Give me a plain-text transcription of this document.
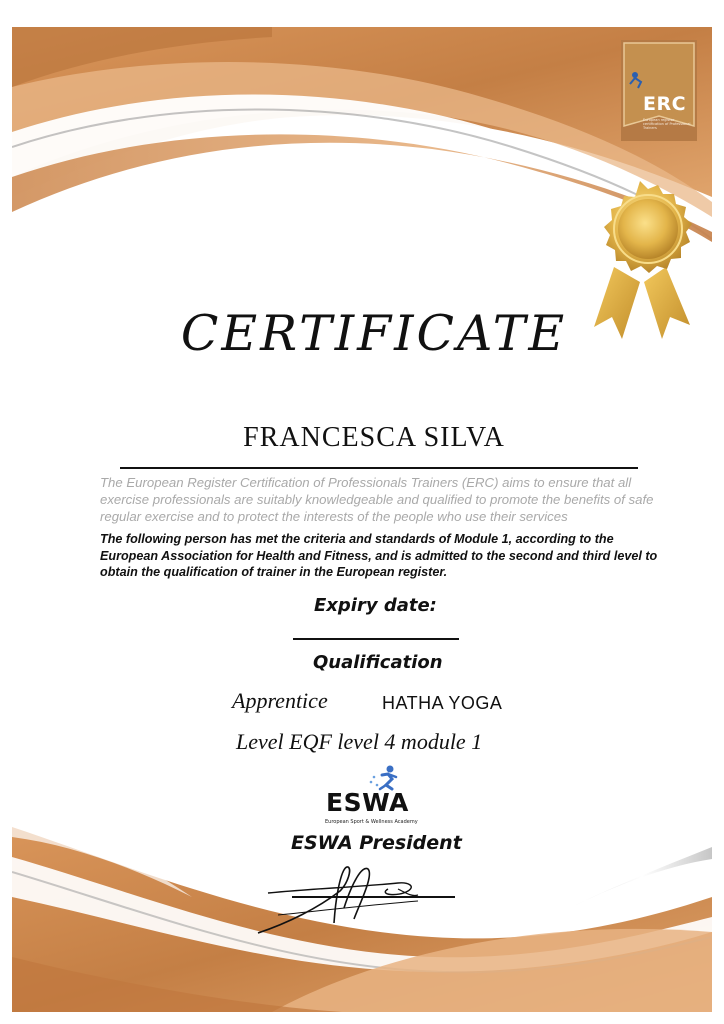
ERC
European register certification of Professional Trainers
CERTIFICATE
FRANCESCA SILVA
The European Register Certification of Professionals Trainers (ERC) aims to ensure that all exercise professionals are suitably knowledgeable and qualified to promote the benefits of safe regular exercise and to protect the interests of the people who use their services
The following person has met the criteria and standards of Module 1, according to the European Association for Health and Fitness, and is admitted to the second and third level to obtain the qualification of trainer in the European register.
Expiry date:
Qualification
Apprentice	HATHA YOGA
Level EQF level 4 module 1
ESWA
European Sport & Wellness Academy
ESWA President
